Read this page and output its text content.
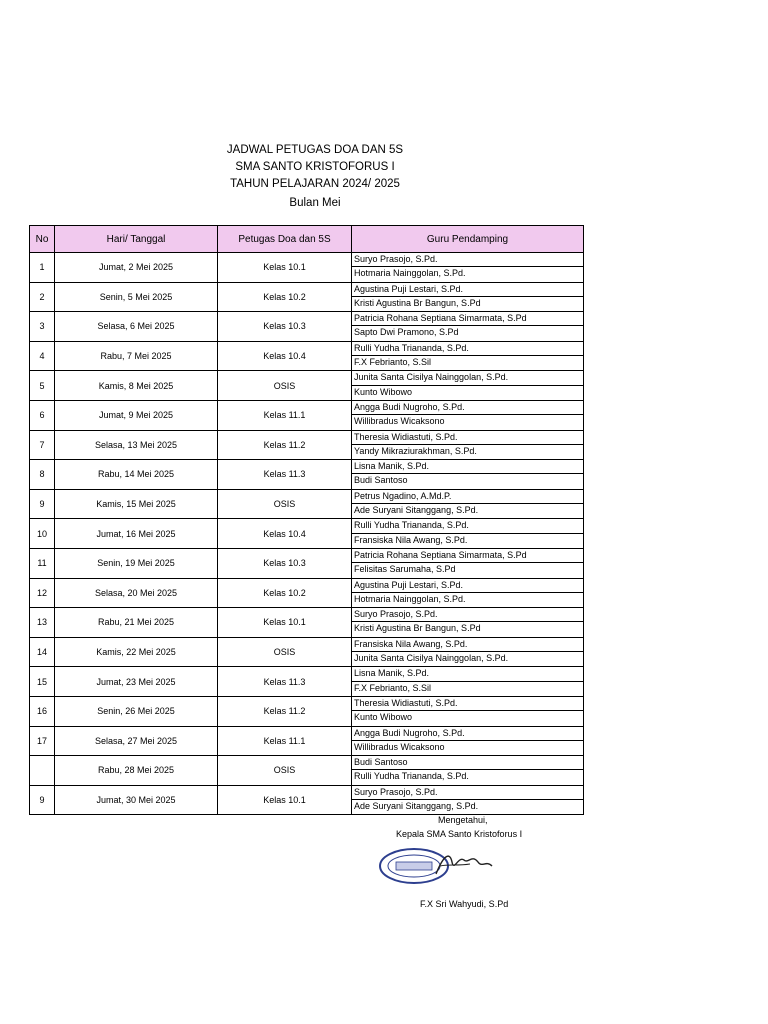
JADWAL PETUGAS DOA DAN 5S
SMA SANTO KRISTOFORUS I
TAHUN PELAJARAN 2024/ 2025
Bulan Mei
No	Hari/ Tanggal	Petugas Doa dan 5S	Guru Pendamping
1	Jumat, 2 Mei 2025	Kelas 10.1	Suryo Prasojo, S.Pd.
Hotmaria Nainggolan, S.Pd.

2	Senin, 5 Mei 2025	Kelas 10.2	Agustina Puji Lestari, S.Pd.
Kristi Agustina Br Bangun, S.Pd

3	Selasa, 6 Mei 2025	Kelas 10.3	Patricia Rohana Septiana Simarmata, S.Pd
Sapto Dwi Pramono, S.Pd

4	Rabu, 7 Mei 2025	Kelas 10.4	Rulli Yudha Triananda, S.Pd.
F.X Febrianto, S.Sil

5	Kamis, 8 Mei 2025	OSIS	Junita Santa Cisilya Nainggolan, S.Pd.
Kunto Wibowo

6	Jumat, 9 Mei 2025	Kelas 11.1	Angga Budi Nugroho, S.Pd.
Willibradus Wicaksono

7	Selasa, 13 Mei 2025	Kelas 11.2	Theresia Widiastuti, S.Pd.
Yandy Mikraziurakhman, S.Pd.

8	Rabu, 14 Mei 2025	Kelas 11.3	Lisna Manik, S.Pd.
Budi Santoso

9	Kamis, 15 Mei 2025	OSIS	Petrus Ngadino, A.Md.P.
Ade Suryani Sitanggang, S.Pd.

10	Jumat, 16 Mei 2025	Kelas 10.4	Rulli Yudha Triananda, S.Pd.
Fransiska Nila Awang, S.Pd.

11	Senin, 19 Mei 2025	Kelas 10.3	Patricia Rohana Septiana Simarmata, S.Pd
Felisitas Sarumaha, S.Pd

12	Selasa, 20 Mei 2025	Kelas 10.2	Agustina Puji Lestari, S.Pd.
Hotmaria Nainggolan, S.Pd.

13	Rabu, 21 Mei 2025	Kelas 10.1	Suryo Prasojo, S.Pd.
Kristi Agustina Br Bangun, S.Pd

14	Kamis, 22 Mei 2025	OSIS	Fransiska Nila Awang, S.Pd.
Junita Santa Cisilya Nainggolan, S.Pd.

15	Jumat, 23 Mei 2025	Kelas 11.3	Lisna Manik, S.Pd.
F.X Febrianto, S.Sil

16	Senin, 26 Mei 2025	Kelas 11.2	Theresia Widiastuti, S.Pd.
Kunto Wibowo

17	Selasa, 27 Mei 2025	Kelas 11.1	Angga Budi Nugroho, S.Pd.
Willibradus Wicaksono

	Rabu, 28 Mei 2025	OSIS	Budi Santoso
Rulli Yudha Triananda, S.Pd.

9	Jumat, 30 Mei 2025	Kelas 10.1	Suryo Prasojo, S.Pd.
Ade Suryani Sitanggang, S.Pd.
Mengetahui,
Kepala SMA Santo Kristoforus I
F.X Sri Wahyudi, S.Pd
